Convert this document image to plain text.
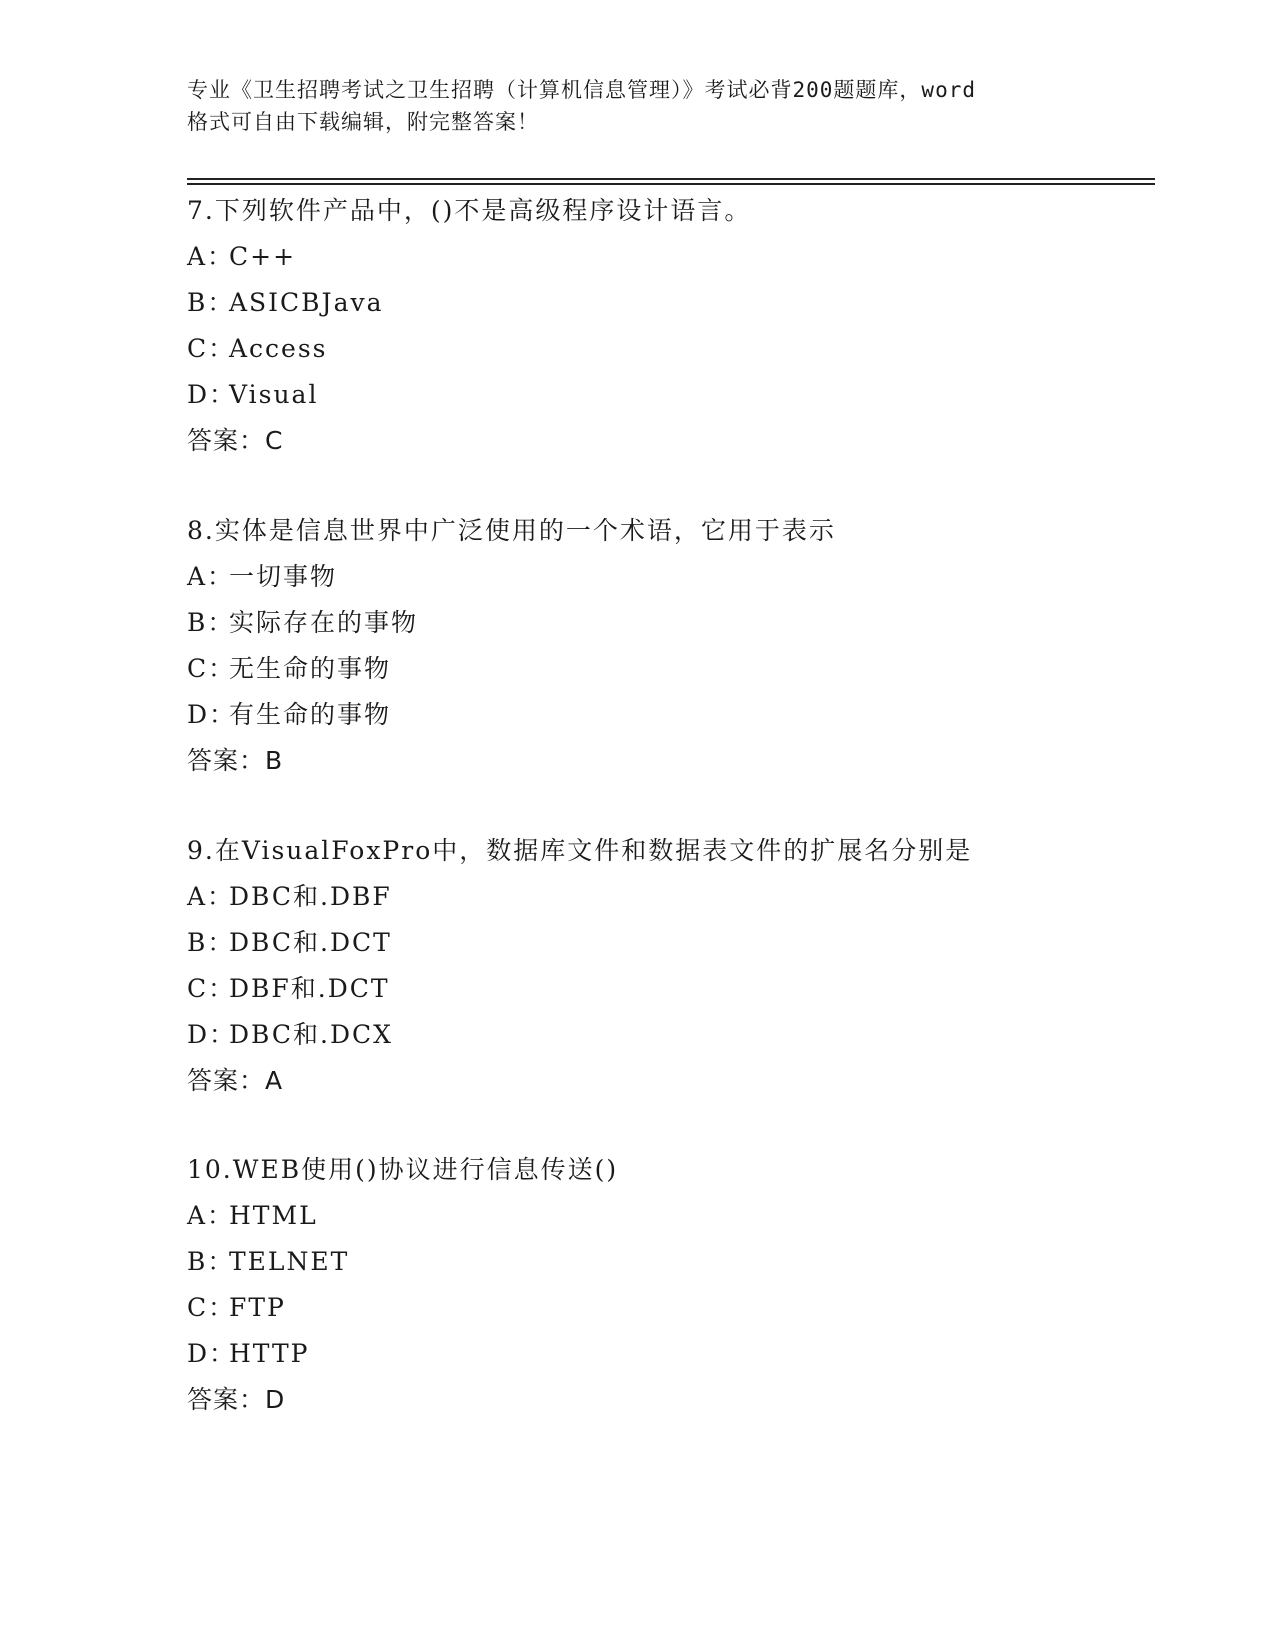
专业《卫生招聘考试之卫生招聘（计算机信息管理）》考试必背200题题库，word
格式可自由下载编辑，附完整答案！
7.下列软件产品中，()不是高级程序设计语言。
A：C++
B：ASICBJava
C：Access
D：Visual
答案：C
8.实体是信息世界中广泛使用的一个术语，它用于表示
A：一切事物
B：实际存在的事物
C：无生命的事物
D：有生命的事物
答案：B
9.在VisualFoxPro中，数据库文件和数据表文件的扩展名分别是
A：DBC和.DBF
B：DBC和.DCT
C：DBF和.DCT
D：DBC和.DCX
答案：A
10.WEB使用()协议进行信息传送()
A：HTML
B：TELNET
C：FTP
D：HTTP
答案：D
